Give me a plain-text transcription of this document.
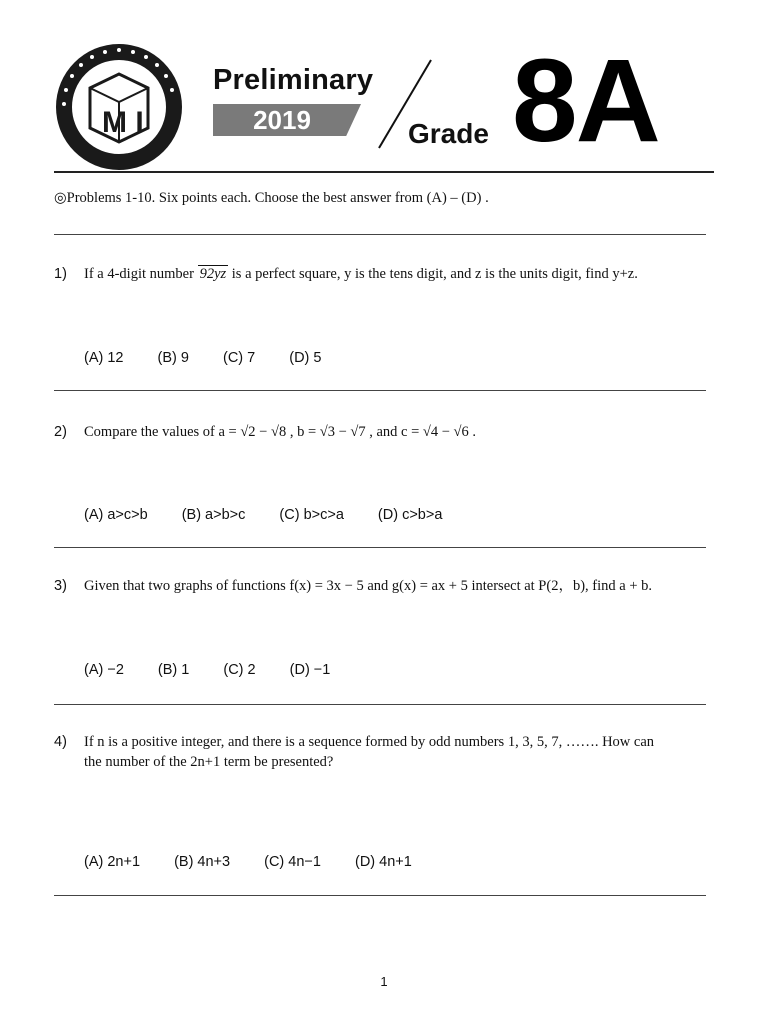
M I
Preliminary
2019	Grade 8A
◎Problems 1-10. Six points each. Choose the best answer from (A) – (D) .
1) If a 4-digit number 92yz is a perfect square, y is the tens digit, and z is the units digit, find y+z.
(A) 12 (B) 9 (C) 7 (D) 5
2) Compare the values of a = √2 − √8 , b = √3 − √7 , and c = √4 − √6 .
(A) a>c>b (B) a>b>c (C) b>c>a (D) c>b>a
3) Given that two graphs of functions f(x) = 3x − 5 and g(x) = ax + 5 intersect at P(2，b), find a + b.
(A) −2 (B) 1 (C) 2 (D) −1
4) If n is a positive integer, and there is a sequence formed by odd numbers 1, 3, 5, 7, ……. How can
the number of the 2n+1 term be presented?
(A) 2n+1 (B) 4n+3 (C) 4n−1 (D) 4n+1
1
